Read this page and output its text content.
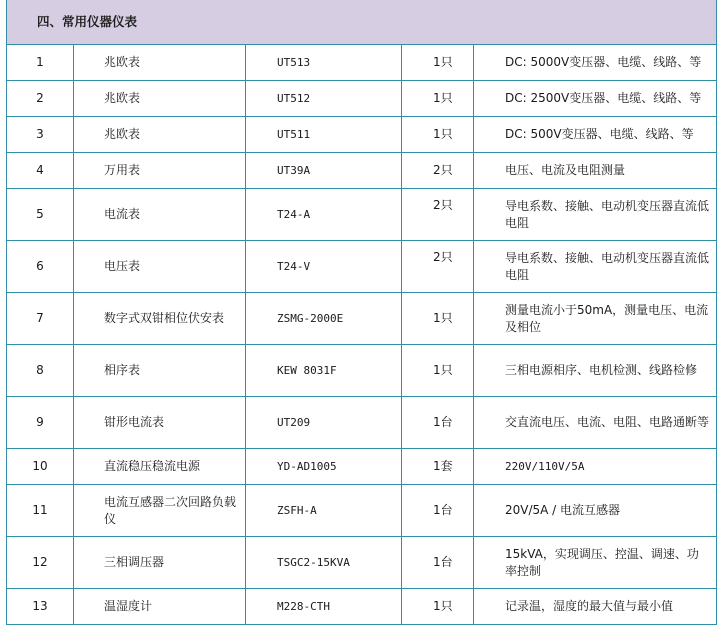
四、常用仪器仪表				
1	兆欧表	UT513	1只	DC: 5000V变压器、电缆、线路、等
2	兆欧表	UT512	1只	DC: 2500V变压器、电缆、线路、等
3	兆欧表	UT511	1只	DC: 500V变压器、电缆、线路、等
4	万用表	UT39A	2只	电压、电流及电阻测量
5	电流表	T24-A	2只	导电系数、接触、电动机变压器直流低电阻
6	电压表	T24-V	2只	导电系数、接触、电动机变压器直流低电阻
7	数字式双钳相位伏安表	ZSMG-2000E	1只	测量电流小于50mA，测量电压、电流及相位
8	相序表	KEW 8031F	1只	三相电源相序、电机检测、线路检修
9	钳形电流表	UT209	1台	交直流电压、电流、电阻、电路通断等
10	直流稳压稳流电源	YD-AD1005	1套	220V/110V/5A
11	电流互感器二次回路负载仪	ZSFH-A	1台	20V/5A / 电流互感器
12	三相调压器	TSGC2-15KVA	1台	15kVA，实现调压、控温、调速、功率控制
13	温湿度计	M228-CTH	1只	记录温，湿度的最大值与最小值
